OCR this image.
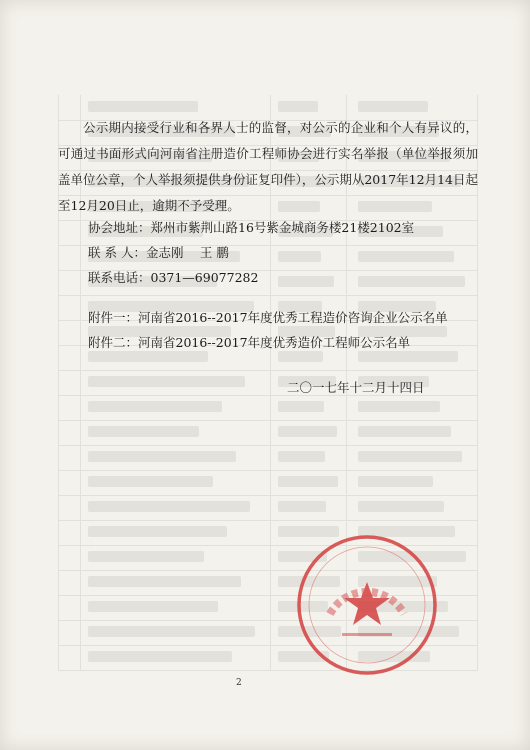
公示期内接受行业和各界人士的监督，对公示的企业和个人有异议的，可通过书面形式向河南省注册造价工程师协会进行实名举报（单位举报须加盖单位公章，个人举报须提供身份证复印件），公示期从2017年12月14日起至12月20日止，逾期不予受理。
协会地址：郑州市紫荆山路16号紫金城商务楼21楼2102室
联 系 人：金志刚　 王 鹏
联系电话：0371—69077282
附件一：河南省2016--2017年度优秀工程造价咨询企业公示名单
附件二：河南省2016--2017年度优秀造价工程师公示名单
二〇一七年十二月十四日
2
